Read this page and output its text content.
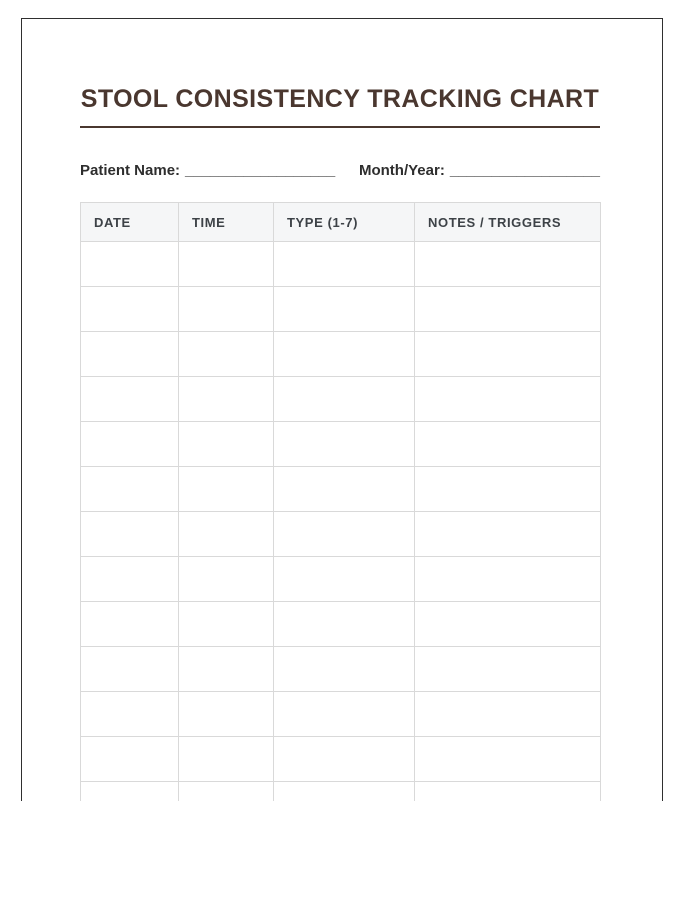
STOOL CONSISTENCY TRACKING CHART
Patient Name: __________________ Month/Year: __________________
DATE	TIME	TYPE (1-7)	NOTES / TRIGGERS
